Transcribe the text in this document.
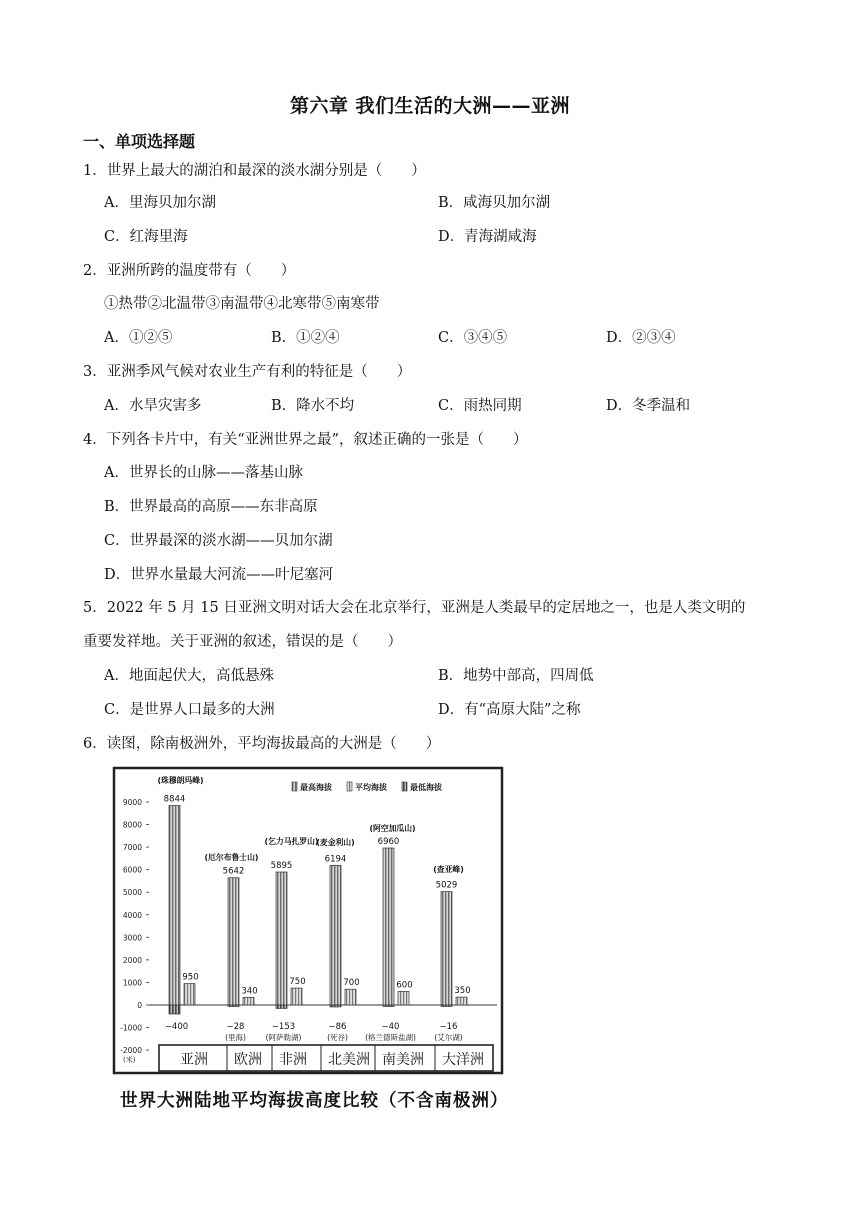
第六章 我们生活的大洲——亚洲
一、单项选择题
1．世界上最大的湖泊和最深的淡水湖分别是（　　）
A．里海贝加尔湖	B．咸海贝加尔湖
C．红海里海	D．青海湖咸海
2．亚洲所跨的温度带有（　　）
①热带②北温带③南温带④北寒带⑤南寒带
A．①②⑤	B．①②④	C．③④⑤	D．②③④
3．亚洲季风气候对农业生产有利的特征是（　　）
A．水旱灾害多	B．降水不均	C．雨热同期	D．冬季温和
4．下列各卡片中，有关“亚洲世界之最”，叙述正确的一张是（　　）
A．世界长的山脉——落基山脉
B．世界最高的高原——东非高原
C．世界最深的淡水湖——贝加尔湖
D．世界水量最大河流——叶尼塞河
5．2022 年 5 月 15 日亚洲文明对话大会在北京举行，亚洲是人类最早的定居地之一，也是人类文明的
重要发祥地。关于亚洲的叙述，错误的是（　　）
A．地面起伏大，高低悬殊	B．地势中部高，四周低
C．是世界人口最多的大洲	D．有“高原大陆”之称
6．读图，除南极洲外，平均海拔最高的大洲是（　　）
9000
8000
7000
6000
5000
4000
3000
2000
1000
0
-1000
-2000
(米)
最高海拔	平均海拔	最低海拔
8844
950
−400
(珠穆朗玛峰)
5642
340
−28
(里海)
(厄尔布鲁士山)
5895
750
−153
(阿萨勒湖)
(乞力马扎罗山)
6194
700
−86
(死谷)
(麦金利山)	6960
600
−40
(格兰德斯盐湖)
(阿空加瓜山)
5029
350
−16
(艾尔湖)
(查亚峰)
亚洲 欧洲 非洲 北美洲 南美洲 大洋洲
世界大洲陆地平均海拔高度比较（不含南极洲）
